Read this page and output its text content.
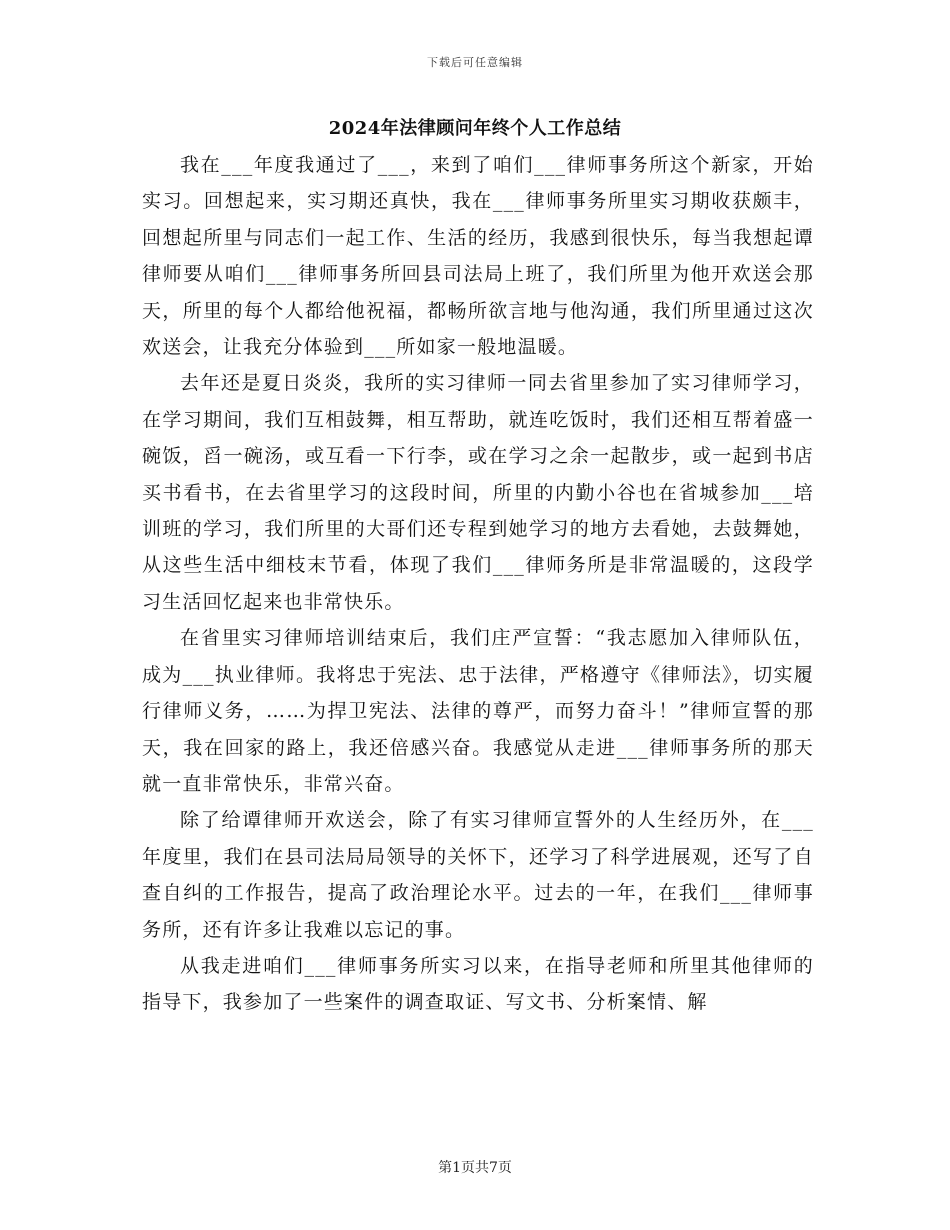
下载后可任意编辑
2024年法律顾问年终个人工作总结

我在___年度我通过了___，来到了咱们___律师事务所这个新家，开始实习。回想起来，实习期还真快，我在___律师事务所里实习期收获颇丰，回想起所里与同志们一起工作、生活的经历，我感到很快乐，每当我想起谭律师要从咱们___律师事务所回县司法局上班了，我们所里为他开欢送会那天，所里的每个人都给他祝福，都畅所欲言地与他沟通，我们所里通过这次欢送会，让我充分体验到___所如家一般地温暖。

去年还是夏日炎炎，我所的实习律师一同去省里参加了实习律师学习，在学习期间，我们互相鼓舞，相互帮助，就连吃饭时，我们还相互帮着盛一碗饭，舀一碗汤，或互看一下行李，或在学习之余一起散步，或一起到书店买书看书，在去省里学习的这段时间，所里的内勤小谷也在省城参加___培训班的学习，我们所里的大哥们还专程到她学习的地方去看她，去鼓舞她，从这些生活中细枝末节看，体现了我们___律师务所是非常温暖的，这段学习生活回忆起来也非常快乐。

在省里实习律师培训结束后，我们庄严宣誓：“我志愿加入律师队伍，成为___执业律师。我将忠于宪法、忠于法律，严格遵守《律师法》，切实履行律师义务，……为捍卫宪法、法律的尊严，而努力奋斗！”律师宣誓的那天，我在回家的路上，我还倍感兴奋。我感觉从走进___律师事务所的那天就一直非常快乐，非常兴奋。

除了给谭律师开欢送会，除了有实习律师宣誓外的人生经历外，在___年度里，我们在县司法局局领导的关怀下，还学习了科学进展观，还写了自查自纠的工作报告，提高了政治理论水平。过去的一年，在我们___律师事务所，还有许多让我难以忘记的事。

从我走进咱们___律师事务所实习以来，在指导老师和所里其他律师的指导下，我参加了一些案件的调查取证、写文书、分析案情、解

第1页共7页
